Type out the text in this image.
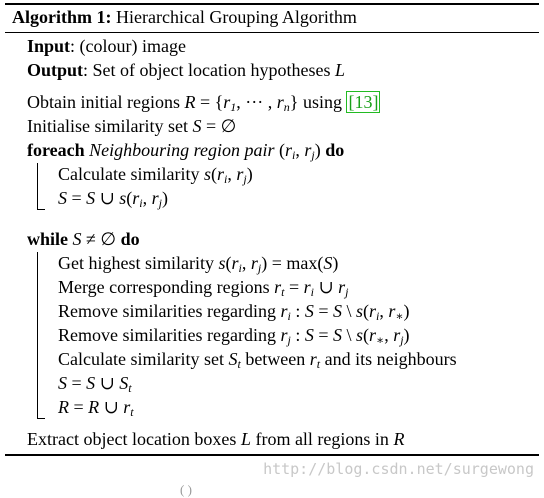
Algorithm 1: Hierarchical Grouping Algorithm
Input: (colour) image
Output: Set of object location hypotheses L
Obtain initial regions $R = \{r_1$, ··· , $r_n$} using [13]
Initialise similarity set S = ∅
foreach Neighbouring region pair ($r_i$, $r_j$) do
Calculate similarity $s(r_i$, $r_j$)
S = S ∪ $s(r_i$, $r_j$)
while S ≠ ∅ do
Get highest similarity $s(r_i$, $r_j) = \max(S)$
Merge corresponding regions $r_t = r_i$ ∪ $r_j$
Remove similarities regarding $r_i$ : S = S \ $s(r_i$, $r_∗$)
Remove similarities regarding $r_j$ : S = S \ $s(r_∗$, $r_j$)
Calculate similarity set $S_t$ between $r_t$ and its neighbours
S = S ∪ $S_t$
R = R ∪ $r_t$
Extract object location boxes L from all regions in R
http://blog.csdn.net/surgewong
( )
